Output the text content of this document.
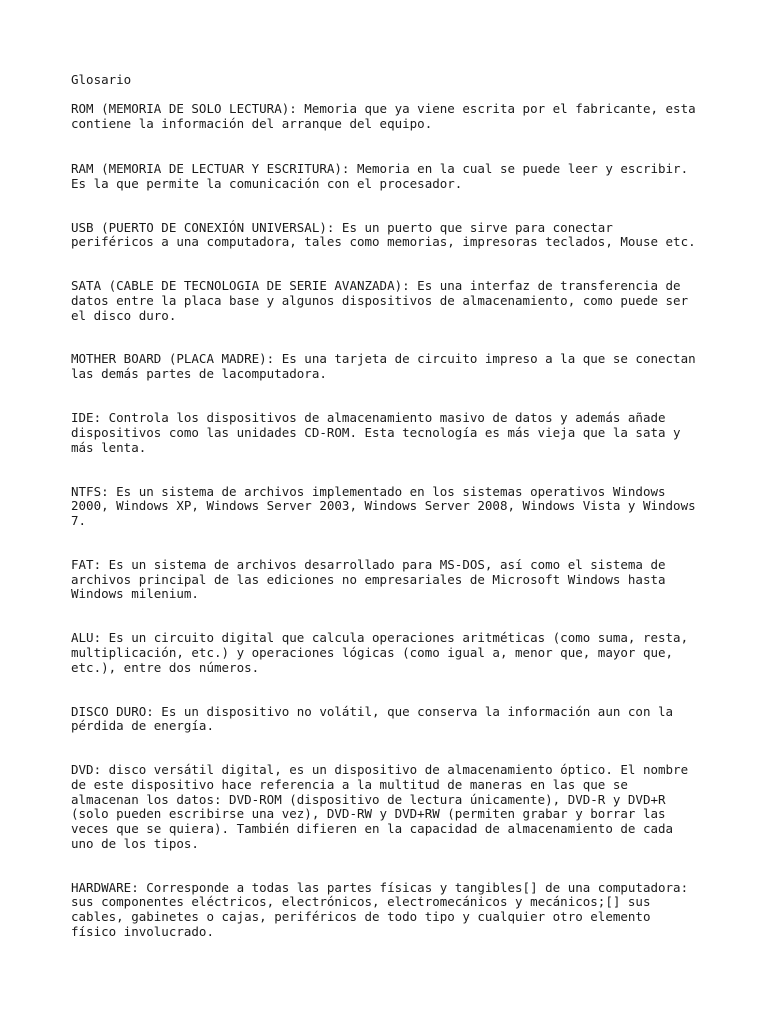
Glosario
ROM (MEMORIA DE SOLO LECTURA): Memoria que ya viene escrita por el fabricante, esta
contiene la información del arranque del equipo.
RAM (MEMORIA DE LECTUAR Y ESCRITURA): Memoria en la cual se puede leer y escribir.
Es la que permite la comunicación con el procesador.
USB (PUERTO DE CONEXIÓN UNIVERSAL): Es un puerto que sirve para conectar
periféricos a una computadora, tales como memorias, impresoras teclados, Mouse etc.
SATA (CABLE DE TECNOLOGIA DE SERIE AVANZADA): Es una interfaz de transferencia de
datos entre la placa base y algunos dispositivos de almacenamiento, como puede ser
el disco duro.
MOTHER BOARD (PLACA MADRE): Es una tarjeta de circuito impreso a la que se conectan
las demás partes de lacomputadora.
IDE: Controla los dispositivos de almacenamiento masivo de datos y además añade
dispositivos como las unidades CD-ROM. Esta tecnología es más vieja que la sata y
más lenta.
NTFS: Es un sistema de archivos implementado en los sistemas operativos Windows
2000, Windows XP, Windows Server 2003, Windows Server 2008, Windows Vista y Windows
7.
FAT: Es un sistema de archivos desarrollado para MS-DOS, así como el sistema de
archivos principal de las ediciones no empresariales de Microsoft Windows hasta
Windows milenium.
ALU: Es un circuito digital que calcula operaciones aritméticas (como suma, resta,
multiplicación, etc.) y operaciones lógicas (como igual a, menor que, mayor que,
etc.), entre dos números.
DISCO DURO: Es un dispositivo no volátil, que conserva la información aun con la
pérdida de energía.
DVD: disco versátil digital, es un dispositivo de almacenamiento óptico. El nombre
de este dispositivo hace referencia a la multitud de maneras en las que se
almacenan los datos: DVD-ROM (dispositivo de lectura únicamente), DVD-R y DVD+R
(solo pueden escribirse una vez), DVD-RW y DVD+RW (permiten grabar y borrar las
veces que se quiera). También difieren en la capacidad de almacenamiento de cada
uno de los tipos.
HARDWARE: Corresponde a todas las partes físicas y tangibles[] de una computadora:
sus componentes eléctricos, electrónicos, electromecánicos y mecánicos;[] sus
cables, gabinetes o cajas, periféricos de todo tipo y cualquier otro elemento
físico involucrado.
